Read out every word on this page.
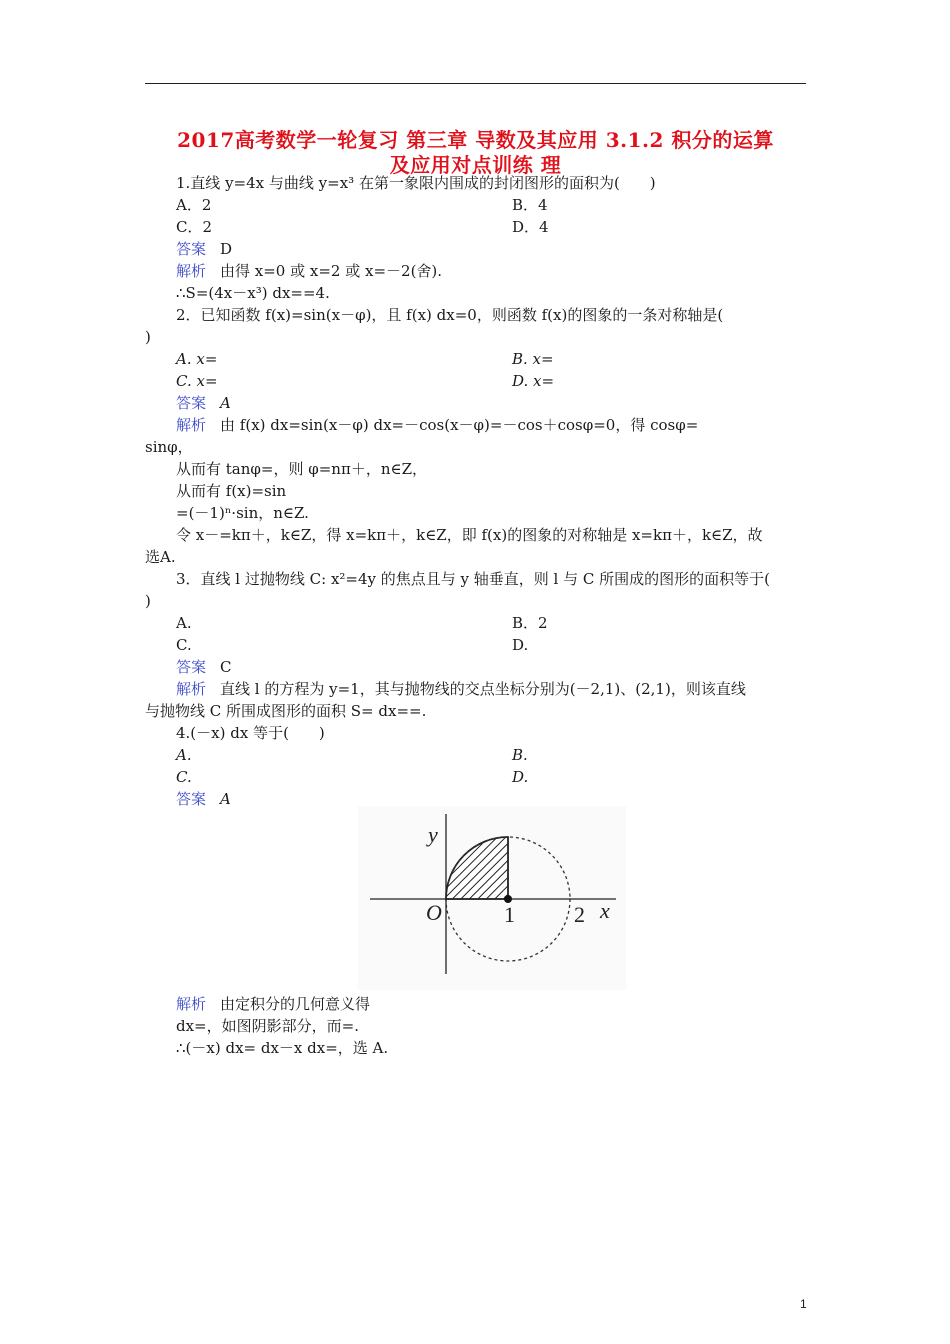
2017高考数学一轮复习 第三章 导数及其应用 3.1.2 积分的运算
及应用对点训练 理
1.直线 y=4x 与曲线 y=x³ 在第一象限内围成的封闭图形的面积为(　　)
A．2	B．4
C．2	D．4
答案 D
解析 由得 x=0 或 x=2 或 x=－2(舍).
∴S=(4x－x³) dx==4.
2．已知函数 f(x)=sin(x－φ)，且 f(x) dx=0，则函数 f(x)的图象的一条对称轴是(
)
A. x=	B. x=
C. x=	D. x=
答案 A
解析 由 f(x) dx=sin(x－φ) dx=－cos(x－φ)=－cos＋cosφ=0，得 cosφ=
sinφ，
从而有 tanφ=，则 φ=nπ＋，n∈Z，
从而有 f(x)=sin
=(－1)ⁿ·sin，n∈Z.
令 x－=kπ＋，k∈Z，得 x=kπ＋，k∈Z，即 f(x)的图象的对称轴是 x=kπ＋，k∈Z，故
选A.
3．直线 l 过抛物线 C: x²=4y 的焦点且与 y 轴垂直，则 l 与 C 所围成的图形的面积等于(
)
A.	B．2
C.	D.
答案 C
解析 直线 l 的方程为 y=1，其与抛物线的交点坐标分别为(－2,1)、(2,1)，则该直线
与抛物线 C 所围成图形的面积 S= dx==.
4.(－x) dx 等于(　　)
A.	B.
C.	D.
答案 A
y
x
O	1	2
解析 由定积分的几何意义得
dx=，如图阴影部分，而=.
∴(－x) dx= dx－x dx=，选 A.
1
